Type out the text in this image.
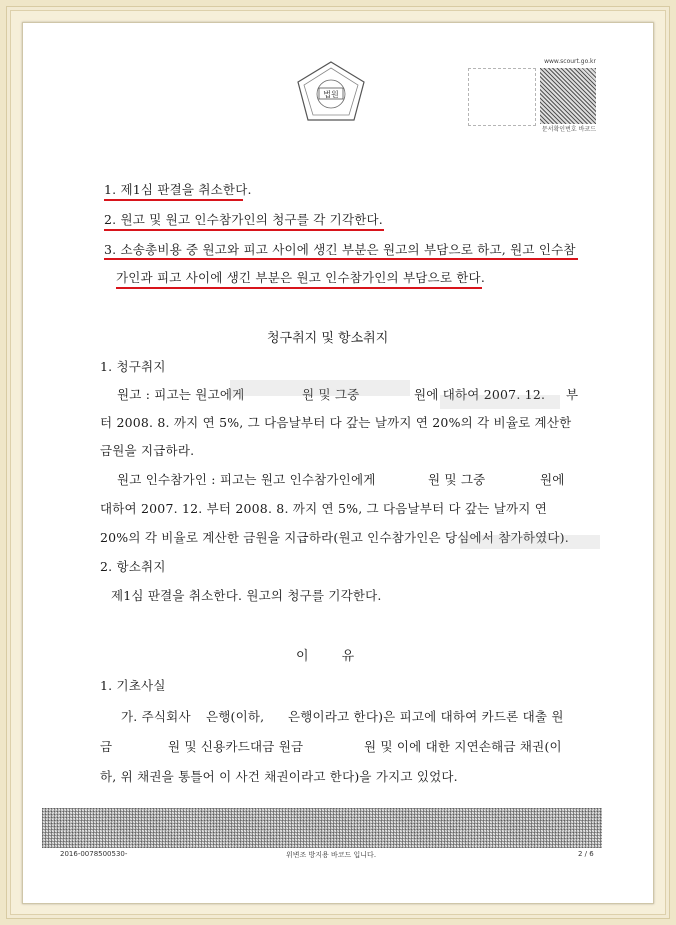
법원
www.scourt.go.kr
문서확인번호 바코드
1. 제1심 판결을 취소한다.
2. 원고 및 원고 인수참가인의 청구를 각 기각한다.
3. 소송총비용 중 원고와 피고 사이에 생긴 부분은 원고의 부담으로 하고, 원고 인수참
가인과 피고 사이에 생긴 부분은 원고 인수참가인의 부담으로 한다.
청구취지 및 항소취지
1. 청구취지
원고 : 피고는 원고에게	원 및 그중	원에 대하여 2007. 12. 부
터 2008. 8. 까지 연 5%, 그 다음날부터 다 갚는 날까지 연 20%의 각 비율로 계산한
금원을 지급하라.
원고 인수참가인 : 피고는 원고 인수참가인에게	원 및 그중	원에
대하여 2007. 12. 부터 2008. 8. 까지 연 5%, 그 다음날부터 다 갚는 날까지 연
20%의 각 비율로 계산한 금원을 지급하라(원고 인수참가인은 당심에서 참가하였다).
2. 항소취지
제1심 판결을 취소한다. 원고의 청구를 기각한다.
이        유
1. 기초사실
가. 주식회사 은행(이하, 은행이라고 한다)은 피고에 대하여 카드론 대출 원
금	원 및 신용카드대금 원금	원 및 이에 대한 지연손해금 채권(이
하, 위 채권을 통틀어 이 사건 채권이라고 한다)을 가지고 있었다.
2016-0078500530-	위변조 방지용 바코드 입니다.	2 / 6
